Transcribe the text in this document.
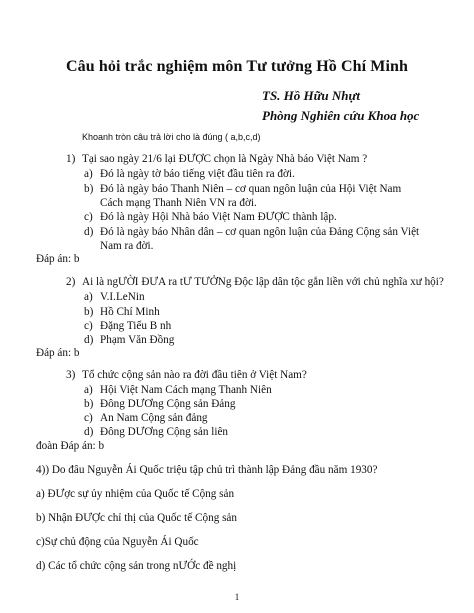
Câu hỏi trắc nghiệm môn Tư tưởng Hồ Chí Minh
TS. Hồ Hữu Nhựt
Phòng Nghiên cứu Khoa học
Khoanh tròn câu trả lời cho là đúng ( a,b,c,d)
1) Tại sao ngày 21/6 lại ĐƯỢC chọn là Ngày Nhà báo Việt Nam ?
a) Đó là ngày tờ báo tiếng việt đầu tiên ra đời.
b) Đó là ngày báo Thanh Niên – cơ quan ngôn luận của Hội Việt Nam
Cách mạng Thanh Niên VN ra đời.
c) Đó là ngày Hội Nhà báo Việt Nam ĐƯỢC thành lập.
d) Đó là ngày báo Nhân dân – cơ quan ngôn luận của Đảng Cộng sản Việt
Nam ra đời.
Đáp án: b
2) Ai là ngƯỜI ĐƯA ra tƯ TƯỞNg Độc lập dân tộc gắn liền với chủ nghĩa xư hội?
a) V.I.LeNin
b) Hồ Chí Minh
c) Đặng Tiểu B nh
d) Phạm Văn Đồng
Đáp án: b
3) Tổ chức cộng sản nào ra đời đầu tiên ở Việt Nam?
a) Hội Việt Nam Cách mạng Thanh Niên
b) Đông DƯƠng Cộng sản Đảng
c) An Nam Cộng sản đảng
d) Đông DƯƠng Cộng sản liên
đoàn Đáp án: b
4)) Do đâu Nguyễn Ái Quốc triệu tập chủ trì thành lập Đảng đầu năm 1930?
a) ĐƯợc sự ủy nhiệm của Quốc tế Cộng sản
b) Nhận ĐƯỢc chỉ thị của Quốc tế Cộng sản
c)Sự chủ động của Nguyễn Ái Quốc
d) Các tổ chức cộng sản trong nƯỚc đề nghị
1
